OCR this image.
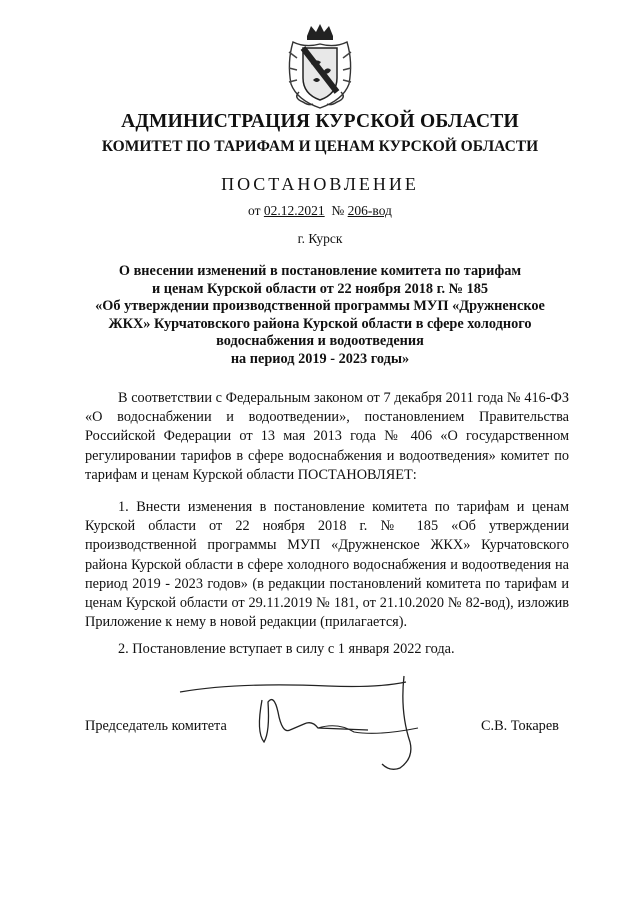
АДМИНИСТРАЦИЯ КУРСКОЙ ОБЛАСТИ
КОМИТЕТ ПО ТАРИФАМ И ЦЕНАМ КУРСКОЙ ОБЛАСТИ
ПОСТАНОВЛЕНИЕ
от 02.12.2021 № 206-вод
г. Курск
О внесении изменений в постановление комитета по тарифам
и ценам Курской области от 22 ноября 2018 г. № 185
«Об утверждении производственной программы МУП «Дружненское
ЖКХ» Курчатовского района Курской области в сфере холодного
водоснабжения и водоотведения
на период 2019 - 2023 годы»
В соответствии с Федеральным законом от 7 декабря 2011 года № 416-ФЗ «О водоснабжении и водоотведении», постановлением Правительства Российской Федерации от 13 мая 2013 года № 406 «О государственном регулировании тарифов в сфере водоснабжения и водоотведения» комитет по тарифам и ценам Курской области ПОСТАНОВЛЯЕТ:
1. Внести изменения в постановление комитета по тарифам и ценам Курской области от 22 ноября 2018 г. № 185 «Об утверждении производственной программы МУП «Дружненское ЖКХ» Курчатовского района Курской области в сфере холодного водоснабжения и водоотведения на период 2019 - 2023 годов» (в редакции постановлений комитета по тарифам и ценам Курской области от 29.11.2019 № 181, от 21.10.2020 № 82-вод), изложив Приложение к нему в новой редакции (прилагается).
2. Постановление вступает в силу с 1 января 2022 года.
Председатель комитета	С.В. Токарев
